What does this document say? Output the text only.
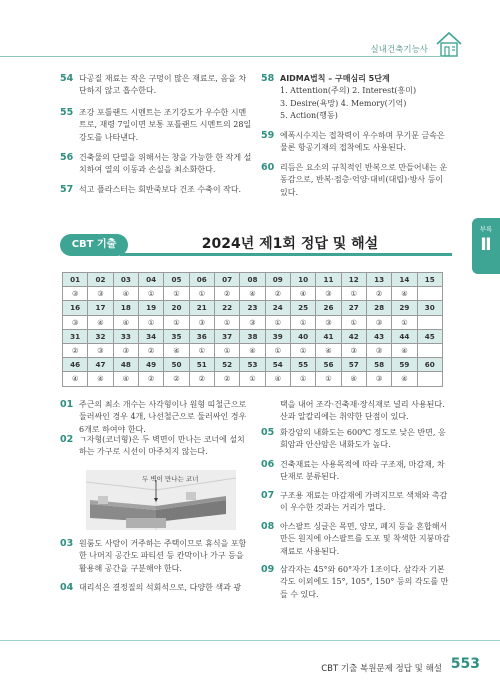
실내건축기능사
부록
Ⅱ
54 다공질 재료는 작은 구멍이 많은 재료로, 음을 차단하지 않고 흡수한다.
55 조강 포틀랜드 시멘트는 조기강도가 우수한 시멘트로, 재령 7일이면 보통 포틀랜드 시멘트의 28일 강도를 나타낸다.
56 건축물의 단열을 위해서는 창을 가능한 한 작게 설치하여 열의 이동과 손실을 최소화한다.
57 석고 플라스터는 회반죽보다 건조 수축이 작다.
58 AIDMA법칙 – 구매심리 5단계
1. Attention(주의) 2. Interest(흥미)
3. Desire(욕망) 4. Memory(기억)
5. Action(행동)
59 에폭시수지는 접착력이 우수하며 무기문 금속은 물론 항공기재의 접착에도 사용된다.
60 리듬은 요소의 규칙적인 반복으로 만들어내는 운동감으로, 반복·점층·억양·대비(대립)·방사 등이 있다.
CBT 기출	2024년 제1회 정답 및 해설
01	02	03	04	05	06	07	08	09	10	11	12	13	14	15
③	③	④	①	①	①	②	④	②	④	③	①	②	④	
16	17	18	19	20	21	22	23	24	25	26	27	28	29	30
③	④	④	①	①	③	①	③	①	①	③	①	③	①	
31	32	33	34	35	36	37	38	39	40	41	42	43	44	45
②	③	③	②	④	①	①	④	①	①	④	③	③	④	
46	47	48	49	50	51	52	53	54	55	56	57	58	59	60
④	④	④	②	②	②	②	①	④	①	①	④	③	④	
01 주근의 최소 개수는 사각형이나 원형 띠철근으로 둘러싸인 경우 4개, 나선철근으로 둘러싸인 경우 6개로 하여야 한다.
02 ㄱ자형(코너형)은 두 벽면이 만나는 코너에 설치하는 가구로 시선이 마주치지 않는다.
두 벽이 만나는 코너
03 원룸도 사람이 거주하는 주택이므로 휴식을 포함한 나머지 공간도 파티션 등 칸막이나 가구 등을 활용해 공간을 구분해야 한다.
04 대리석은 결정질의 석회석으로, 다양한 색과 광
택을 내어 조각·건축재·장식재로 널리 사용된다. 산과 알칼리에는 취약한 단점이 있다.
05 화강암의 내화도는 600℃ 정도로 낮은 반면, 응회암과 안산암은 내화도가 높다.
06 건축재료는 사용목적에 따라 구조재, 마감재, 차단재로 분류된다.
07 구조용 재료는 마감재에 가려지므로 색채와 촉감이 우수한 것과는 거리가 멀다.
08 아스팔트 싱글은 목면, 양모, 폐지 등을 혼합해서 만든 원지에 아스팔트를 도포 및 착색한 지붕마감재료로 사용된다.
09 삼각자는 45°와 60°자가 1조이다. 삼각자 기본 각도 이외에도 15°, 105°, 150° 등의 각도를 만들 수 있다.
CBT 기출 복원문제 정답 및 해설 553
